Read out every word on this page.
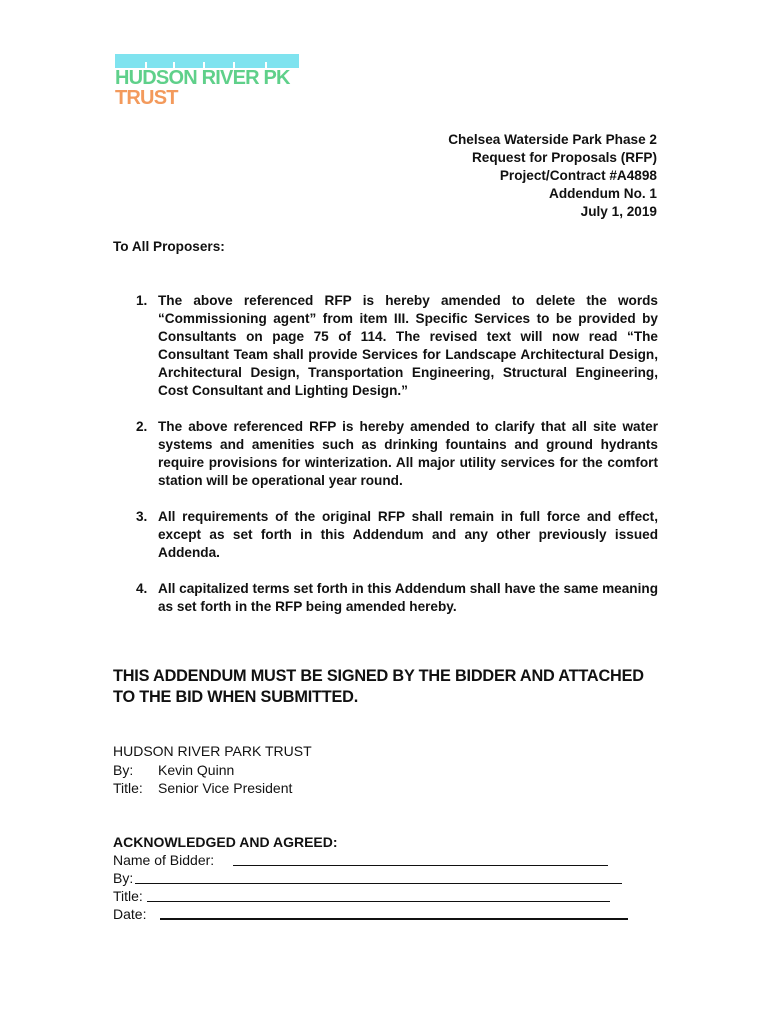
HUDSON RIVER PK
TRUST
Chelsea Waterside Park Phase 2
Request for Proposals (RFP)
Project/Contract #A4898
Addendum No. 1
July 1, 2019
To All Proposers:
1. The above referenced RFP is hereby amended to delete the words “Commissioning agent” from item III. Specific Services to be provided by Consultants on page 75 of 114. The revised text will now read “The Consultant Team shall provide Services for Landscape Architectural Design, Architectural Design, Transportation Engineering, Structural Engineering, Cost Consultant and Lighting Design.”
2. The above referenced RFP is hereby amended to clarify that all site water systems and amenities such as drinking fountains and ground hydrants require provisions for winterization. All major utility services for the comfort station will be operational year round.
3. All requirements of the original RFP shall remain in full force and effect, except as set forth in this Addendum and any other previously issued Addenda.
4. All capitalized terms set forth in this Addendum shall have the same meaning as set forth in the RFP being amended hereby.
THIS ADDENDUM MUST BE SIGNED BY THE BIDDER AND ATTACHED TO THE BID WHEN SUBMITTED.
HUDSON RIVER PARK TRUST
By: Kevin Quinn
Title: Senior Vice President
ACKNOWLEDGED AND AGREED:
Name of Bidder:
By:
Title:
Date:
